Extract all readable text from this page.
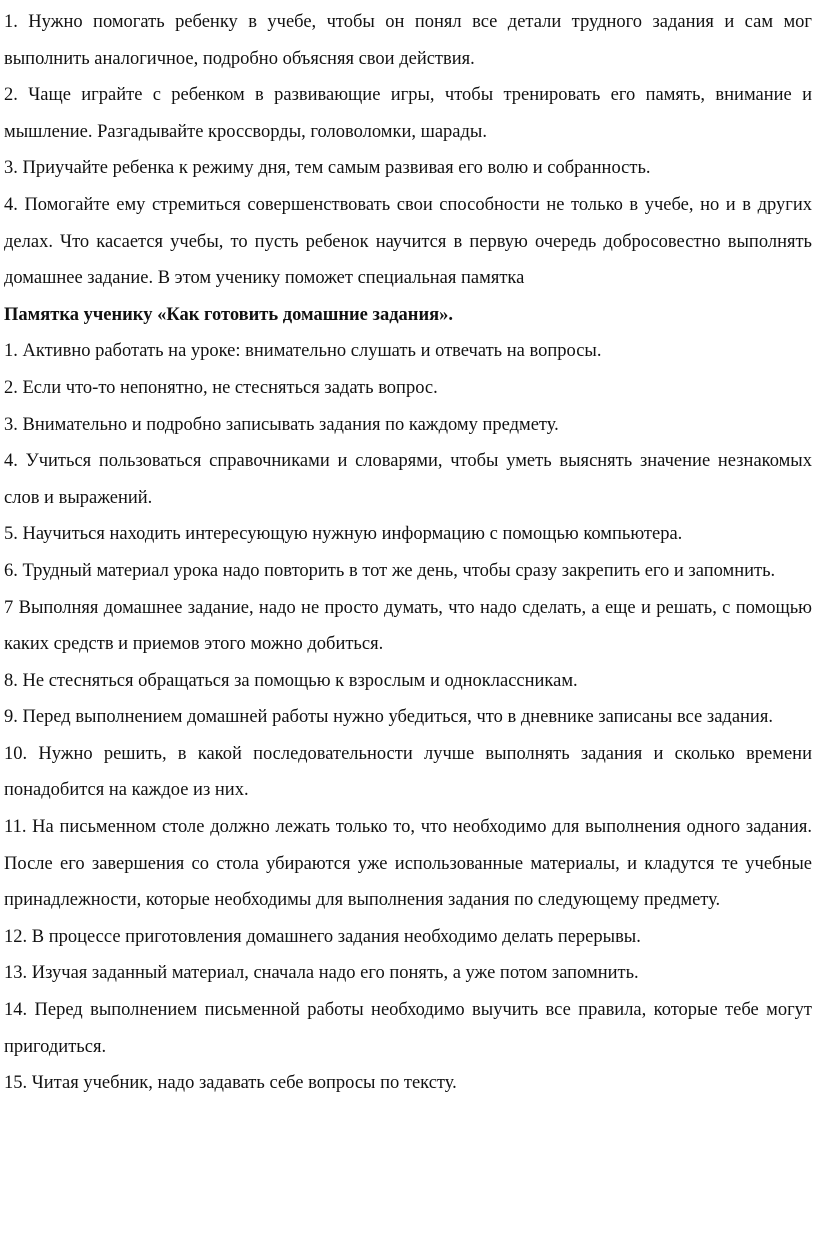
1. Нужно помогать ребенку в учебе, чтобы он понял все детали трудного задания и сам мог выполнить аналогичное, подробно объясняя свои действия.

2. Чаще играйте с ребенком в развивающие игры, чтобы тренировать его память, внимание и мышление. Разгадывайте кроссворды, головоломки, шарады.

3. Приучайте ребенка к режиму дня, тем самым развивая его волю и собранность.

4. Помогайте ему стремиться совершенствовать свои способности не только в учебе, но и в других делах. Что касается учебы, то пусть ребенок научится в первую очередь добросовестно выполнять домашнее задание. В этом ученику поможет специальная памятка

Памятка ученику «Как готовить домашние задания».

1. Активно работать на уроке: внимательно слушать и отвечать на вопросы.

2. Если что-то непонятно, не стесняться задать вопрос.

3. Внимательно и подробно записывать задания по каждому предмету.

4. Учиться пользоваться справочниками и словарями, чтобы уметь выяснять значение незнакомых слов и выражений.

5. Научиться находить интересующую нужную информацию с помощью компьютера.

6. Трудный материал урока надо повторить в тот же день, чтобы сразу закрепить его и запомнить.

7 Выполняя домашнее задание, надо не просто думать, что надо сделать, а еще и решать, с помощью каких средств и приемов этого можно добиться.

8. Не стесняться обращаться за помощью к взрослым и одноклассникам.

9. Перед выполнением домашней работы нужно убедиться, что в дневнике записаны все задания.

10. Нужно решить, в какой последовательности лучше выполнять задания и сколько времени понадобится на каждое из них.

11. На письменном столе должно лежать только то, что необходимо для выполнения одного задания. После его завершения со стола убираются уже использованные материалы, и кладутся те учебные принадлежности, которые необходимы для выполнения задания по следующему предмету.

12. В процессе приготовления домашнего задания необходимо делать перерывы.

13. Изучая заданный материал, сначала надо его понять, а уже потом запомнить.

14. Перед выполнением письменной работы необходимо выучить все правила, которые тебе могут пригодиться.

15. Читая учебник, надо задавать себе вопросы по тексту.
